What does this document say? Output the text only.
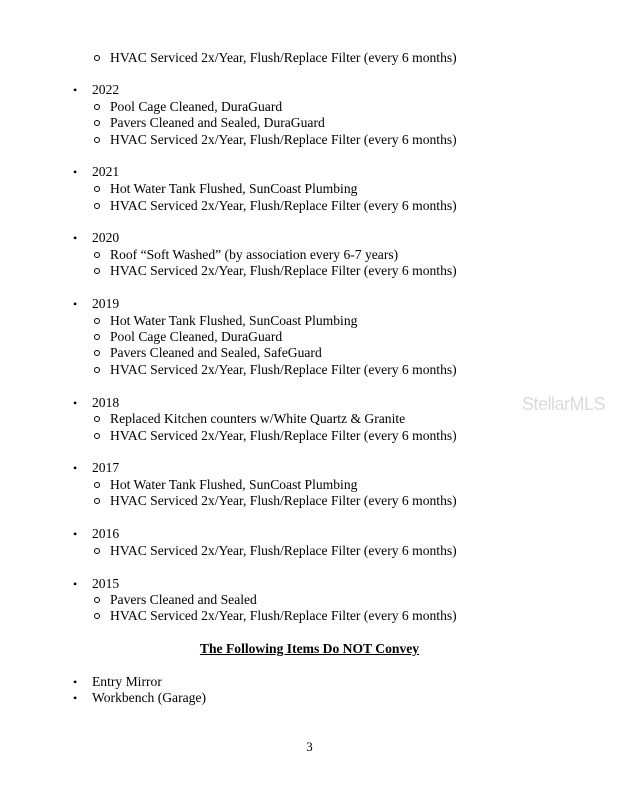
The Following Items Do NOT Convey
3
StellarMLS
HVAC Serviced 2x/Year, Flush/Replace Filter (every 6 months)
• 2022
Pool Cage Cleaned, DuraGuard
Pavers Cleaned and Sealed, DuraGuard
HVAC Serviced 2x/Year, Flush/Replace Filter (every 6 months)
• 2021
Hot Water Tank Flushed, SunCoast Plumbing
HVAC Serviced 2x/Year, Flush/Replace Filter (every 6 months)
• 2020
Roof “Soft Washed” (by association every 6-7 years)
HVAC Serviced 2x/Year, Flush/Replace Filter (every 6 months)
• 2019
Hot Water Tank Flushed, SunCoast Plumbing
Pool Cage Cleaned, DuraGuard
Pavers Cleaned and Sealed, SafeGuard
HVAC Serviced 2x/Year, Flush/Replace Filter (every 6 months)
• 2018
Replaced Kitchen counters w/White Quartz & Granite
HVAC Serviced 2x/Year, Flush/Replace Filter (every 6 months)
• 2017
Hot Water Tank Flushed, SunCoast Plumbing
HVAC Serviced 2x/Year, Flush/Replace Filter (every 6 months)
• 2016
HVAC Serviced 2x/Year, Flush/Replace Filter (every 6 months)
• 2015
Pavers Cleaned and Sealed
HVAC Serviced 2x/Year, Flush/Replace Filter (every 6 months)
• Entry Mirror
• Workbench (Garage)
